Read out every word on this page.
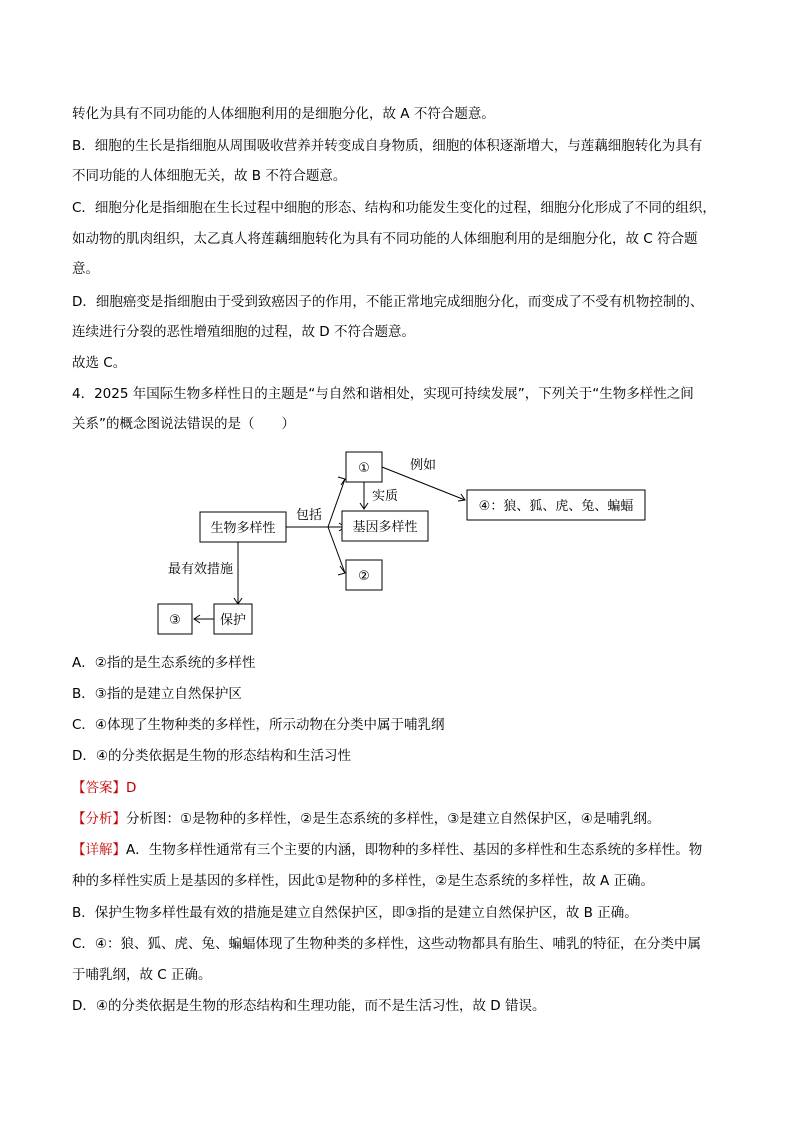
转化为具有不同功能的人体细胞利用的是细胞分化，故 A 不符合题意。
B．细胞的生长是指细胞从周围吸收营养并转变成自身物质，细胞的体积逐渐增大，与莲藕细胞转化为具有
不同功能的人体细胞无关，故 B 不符合题意。
C．细胞分化是指细胞在生长过程中细胞的形态、结构和功能发生变化的过程，细胞分化形成了不同的组织，
如动物的肌肉组织，太乙真人将莲藕细胞转化为具有不同功能的人体细胞利用的是细胞分化，故 C 符合题
意。
D．细胞癌变是指细胞由于受到致癌因子的作用，不能正常地完成细胞分化，而变成了不受有机物控制的、
连续进行分裂的恶性增殖细胞的过程，故 D 不符合题意。
故选 C。
4．2025 年国际生物多样性日的主题是“与自然和谐相处，实现可持续发展”，下列关于“生物多样性之间
关系”的概念图说法错误的是（　　）
生物多样性
包括
①
实质
基因多样性
②
例如
④：狼、狐、虎、兔、蝙蝠
最有效措施
保护
③
A．②指的是生态系统的多样性
B．③指的是建立自然保护区
C．④体现了生物种类的多样性，所示动物在分类中属于哺乳纲
D．④的分类依据是生物的形态结构和生活习性
【答案】D
【分析】分析图：①是物种的多样性，②是生态系统的多样性，③是建立自然保护区，④是哺乳纲。
【详解】A．生物多样性通常有三个主要的内涵，即物种的多样性、基因的多样性和生态系统的多样性。物
种的多样性实质上是基因的多样性，因此①是物种的多样性，②是生态系统的多样性，故 A 正确。
B．保护生物多样性最有效的措施是建立自然保护区，即③指的是建立自然保护区，故 B 正确。
C．④：狼、狐、虎、兔、蝙蝠体现了生物种类的多样性，这些动物都具有胎生、哺乳的特征，在分类中属
于哺乳纲，故 C 正确。
D．④的分类依据是生物的形态结构和生理功能，而不是生活习性，故 D 错误。
